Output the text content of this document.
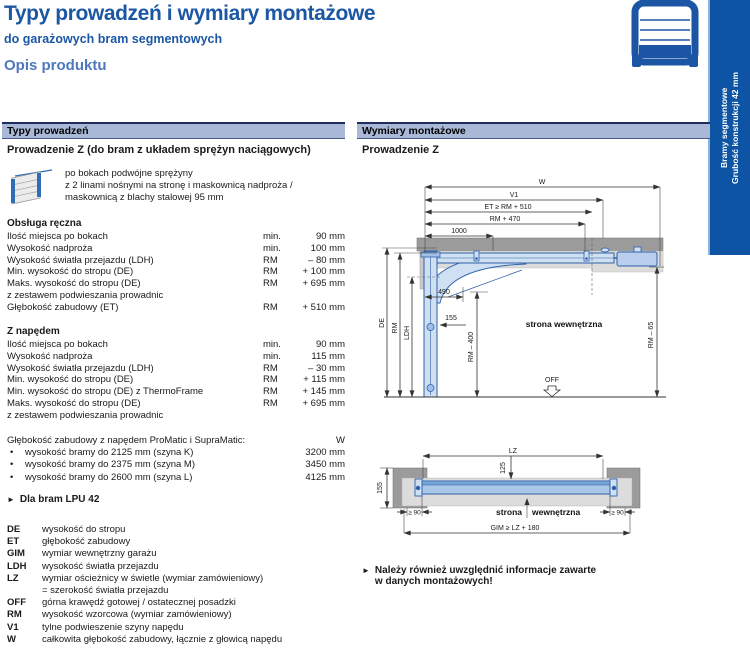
Typy prowadzeń i wymiary montażowe
do garażowych bram segmentowych
Opis produktu
Bramy segmentowe Grubość konstrukcji 42 mm
Typy prowadzeń
Prowadzenie Z (do bram z układem sprężyn naciągowych)
po bokach podwójne sprężyny
z 2 linami nośnymi na stronę i maskownicą nadproża /
maskownicą z blachy stalowej 95 mm
Obsługa ręczna
Ilość miejsca po bokach	min.	90 mm
Wysokość nadproża	min.	100 mm
Wysokość światła przejazdu (LDH)	RM	– 80 mm
Min. wysokość do stropu (DE)	RM	+ 100 mm
Maks. wysokość do stropu (DE)	RM	+ 695 mm
z zestawem podwieszania prowadnic
Głębokość zabudowy (ET)	RM	+ 510 mm
Z napędem
Ilość miejsca po bokach	min.	90 mm
Wysokość nadproża	min.	115 mm
Wysokość światła przejazdu (LDH)	RM	– 30 mm
Min. wysokość do stropu (DE)	RM	+ 115 mm
Min. wysokość do stropu (DE) z ThermoFrame	RM	+ 145 mm
Maks. wysokość do stropu (DE)	RM	+ 695 mm
z zestawem podwieszania prowadnic
Głębokość zabudowy z napędem ProMatic i SupraMatic:	W
•
wysokość bramy do 2125 mm (szyna K)	3200 mm
•
wysokość bramy do 2375 mm (szyna M)	3450 mm
•
wysokość bramy do 2600 mm (szyna L)	4125 mm
► Dla bram LPU 42
DE	wysokość do stropu
ET	głębokość zabudowy
GIM	wymiar wewnętrzny garażu
LDH	wysokość światła przejazdu
LZ	wymiar ościeżnicy w świetle (wymiar zamówieniowy)
= szerokość światła przejazdu
OFF	górna krawędź gotowej / ostatecznej posadzki
RM	wysokość wzorcowa (wymiar zamówieniowy)
V1	tylne podwieszenie szyny napędu
W	całkowita głębokość zabudowy, łącznie z głowicą napędu
Wymiary montażowe
Prowadzenie Z
W
V1
ET ≥ RM + 510
RM + 470
1000
DE RM LDH
490
155
RM – 400	RM – 65
strona wewnętrzna
OFF
LZ
125
155
≥ 90	≥ 90
strona wewnętrzna
GIM ≥ LZ + 180
► Należy również uwzględnić informacje zawarte
w danych montażowych!
